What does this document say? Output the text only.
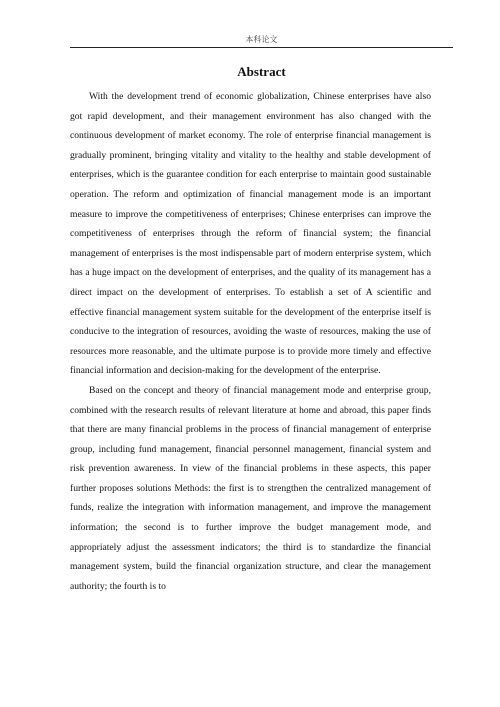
本科论文
Abstract

With the development trend of economic globalization, Chinese enterprises have also got rapid development, and their management environment has also changed with the continuous development of market economy. The role of enterprise financial management is gradually prominent, bringing vitality and vitality to the healthy and stable development of enterprises, which is the guarantee condition for each enterprise to maintain good sustainable operation. The reform and optimization of financial management mode is an important measure to improve the competitiveness of enterprises; Chinese enterprises can improve the competitiveness of enterprises through the reform of financial system; the financial management of enterprises is the most indispensable part of modern enterprise system, which has a huge impact on the development of enterprises, and the quality of its management has a direct impact on the development of enterprises. To establish a set of A scientific and effective financial management system suitable for the development of the enterprise itself is conducive to the integration of resources, avoiding the waste of resources, making the use of resources more reasonable, and the ultimate purpose is to provide more timely and effective financial information and decision-making for the development of the enterprise.

Based on the concept and theory of financial management mode and enterprise group, combined with the research results of relevant literature at home and abroad, this paper finds that there are many financial problems in the process of financial management of enterprise group, including fund management, financial personnel management, financial system and risk prevention awareness. In view of the financial problems in these aspects, this paper further proposes solutions Methods: the first is to strengthen the centralized management of funds, realize the integration with information management, and improve the management information; the second is to further improve the budget management mode, and appropriately adjust the assessment indicators; the third is to standardize the financial management system, build the financial organization structure, and clear the management authority; the fourth is to
